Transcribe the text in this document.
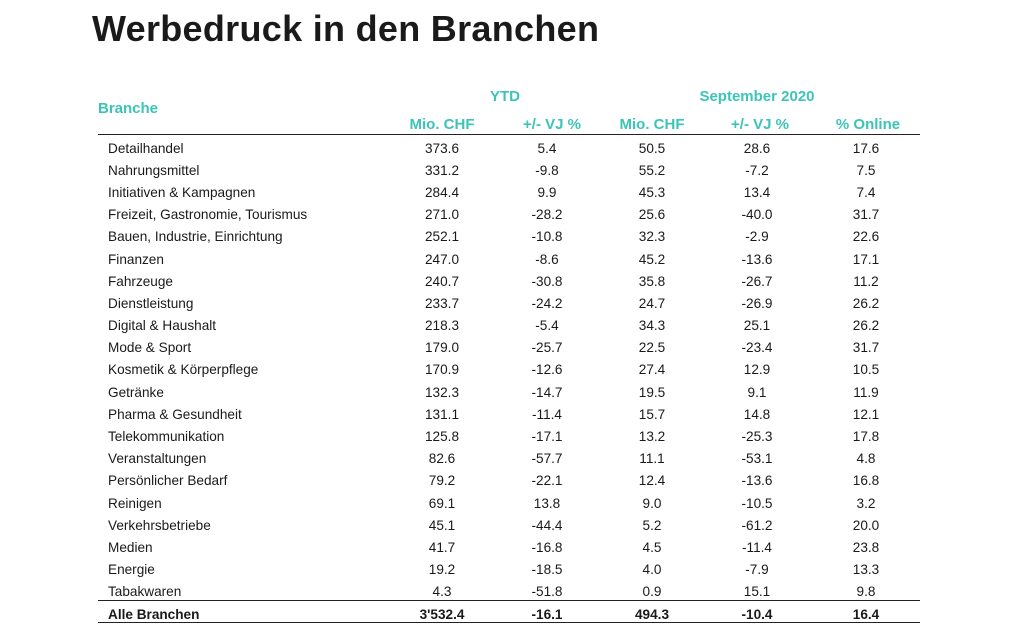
Werbedruck in den Branchen
YTD	September 2020
Branche
Mio. CHF	+/- VJ %	Mio. CHF	+/- VJ %	% Online
Detailhandel	373.6	5.4	50.5	28.6	17.6
Nahrungsmittel	331.2	-9.8	55.2	-7.2	7.5
Initiativen & Kampagnen	284.4	9.9	45.3	13.4	7.4
Freizeit, Gastronomie, Tourismus	271.0	-28.2	25.6	-40.0	31.7
Bauen, Industrie, Einrichtung	252.1	-10.8	32.3	-2.9	22.6
Finanzen	247.0	-8.6	45.2	-13.6	17.1
Fahrzeuge	240.7	-30.8	35.8	-26.7	11.2
Dienstleistung	233.7	-24.2	24.7	-26.9	26.2
Digital & Haushalt	218.3	-5.4	34.3	25.1	26.2
Mode & Sport	179.0	-25.7	22.5	-23.4	31.7
Kosmetik & Körperpflege	170.9	-12.6	27.4	12.9	10.5
Getränke	132.3	-14.7	19.5	9.1	11.9
Pharma & Gesundheit	131.1	-11.4	15.7	14.8	12.1
Telekommunikation	125.8	-17.1	13.2	-25.3	17.8
Veranstaltungen	82.6	-57.7	11.1	-53.1	4.8
Persönlicher Bedarf	79.2	-22.1	12.4	-13.6	16.8
Reinigen	69.1	13.8	9.0	-10.5	3.2
Verkehrsbetriebe	45.1	-44.4	5.2	-61.2	20.0
Medien	41.7	-16.8	4.5	-11.4	23.8
Energie	19.2	-18.5	4.0	-7.9	13.3
Tabakwaren	4.3	-51.8	0.9	15.1	9.8
Alle Branchen	3'532.4	-16.1	494.3	-10.4	16.4
